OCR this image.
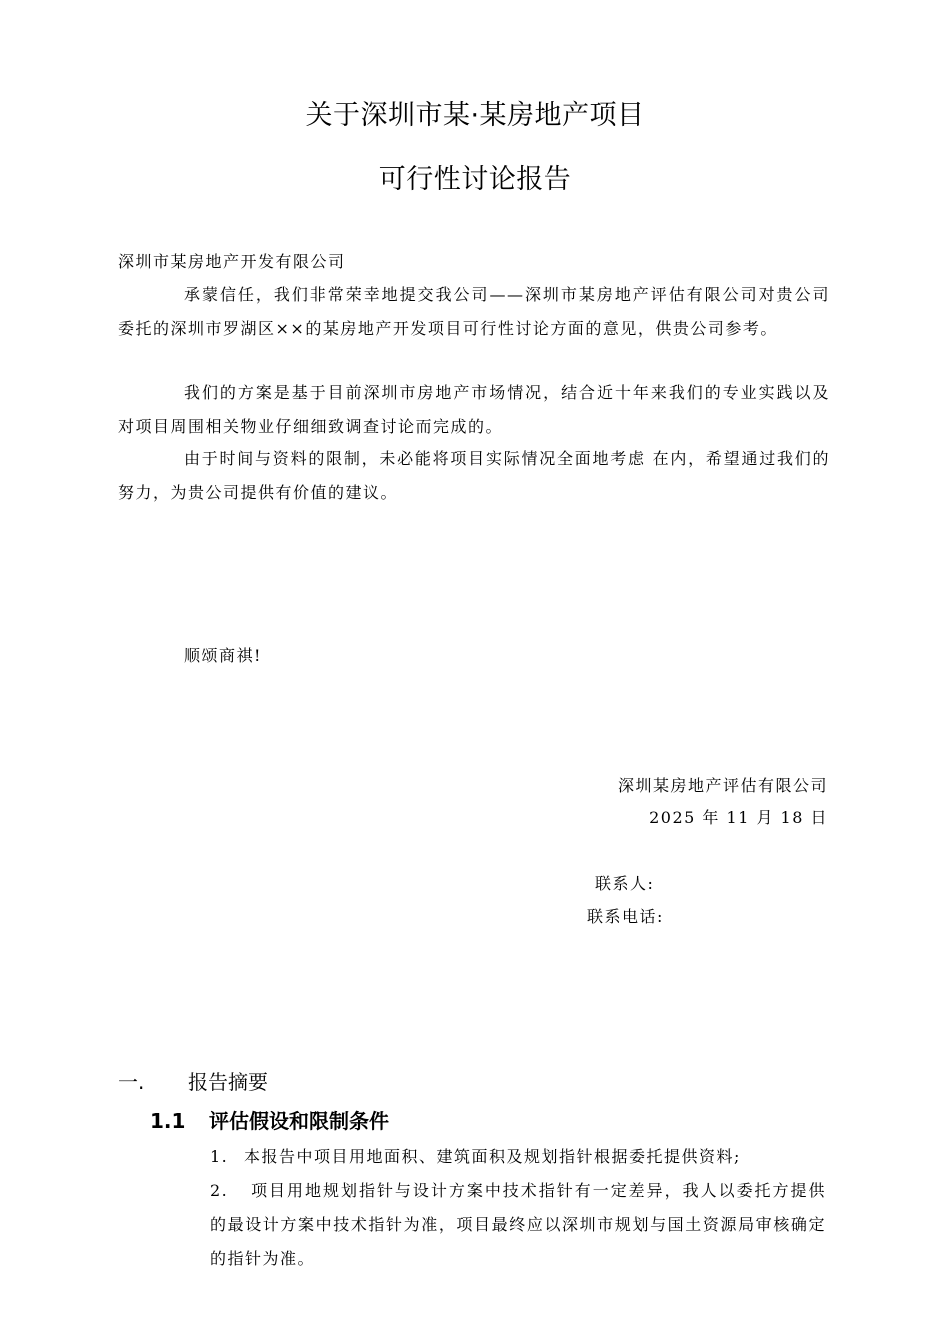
关于深圳市某·某房地产项目
可行性讨论报告
深圳市某房地产开发有限公司
承蒙信任，我们非常荣幸地提交我公司——深圳市某房地产评估有限公司对贵公司委托的深圳市罗湖区××的某房地产开发项目可行性讨论方面的意见，供贵公司参考。
我们的方案是基于目前深圳市房地产市场情况，结合近十年来我们的专业实践以及对项目周围相关物业仔细细致调查讨论而完成的。
由于时间与资料的限制，未必能将项目实际情况全面地考虑 在内，希望通过我们的努力，为贵公司提供有价值的建议。
顺颂商祺!
深圳某房地产评估有限公司
2025 年 11 月 18 日
联系人:
联系电话:
一. 报告摘要
1.1 评估假设和限制条件
1. 本报告中项目用地面积、建筑面积及规划指针根据委托提供资料;
2. 项目用地规划指针与设计方案中技术指针有一定差异，我人以委托方提供的最设计方案中技术指针为准，项目最终应以深圳市规划与国土资源局审核确定的指针为准。
